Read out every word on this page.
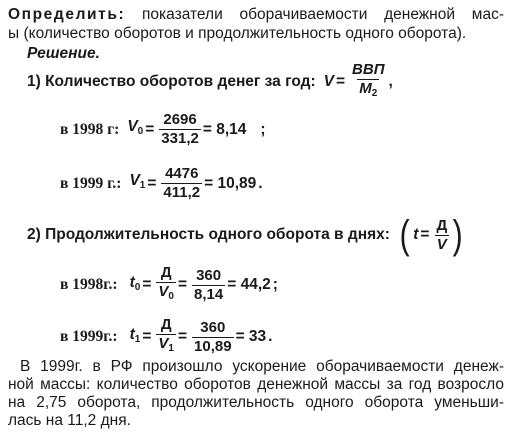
Определить: показатели оборачиваемости денежной мас-
ы (количество оборотов и продолжительность одного оборота).
Решение.
1) Количество оборотов денег за год: $V = \frac{\text{ВВП}}{M_2}$ ,
в 1998 г: $V_0 = \frac{2696}{331,2} = 8,14$ ;
в 1999 г.: $V_1 = \frac{4476}{411,2} = 10,89$ .
2) Продолжительность одного оборота в днях: ( $t = \frac{Д}{V}$ )
в 1998г.: $t_0 = \frac{Д}{V_0} = \frac{360}{8,14} = 44,2$ ;
в 1999г.: $t_1 = \frac{Д}{V_1} = \frac{360}{10,89} = 33$ .
В 1999г. в РФ произошло ускорение оборачиваемости денеж-
ной массы: количество оборотов денежной массы за год возросло
на 2,75 оборота, продолжительность одного оборота уменьши-
лась на 11,2 дня.
